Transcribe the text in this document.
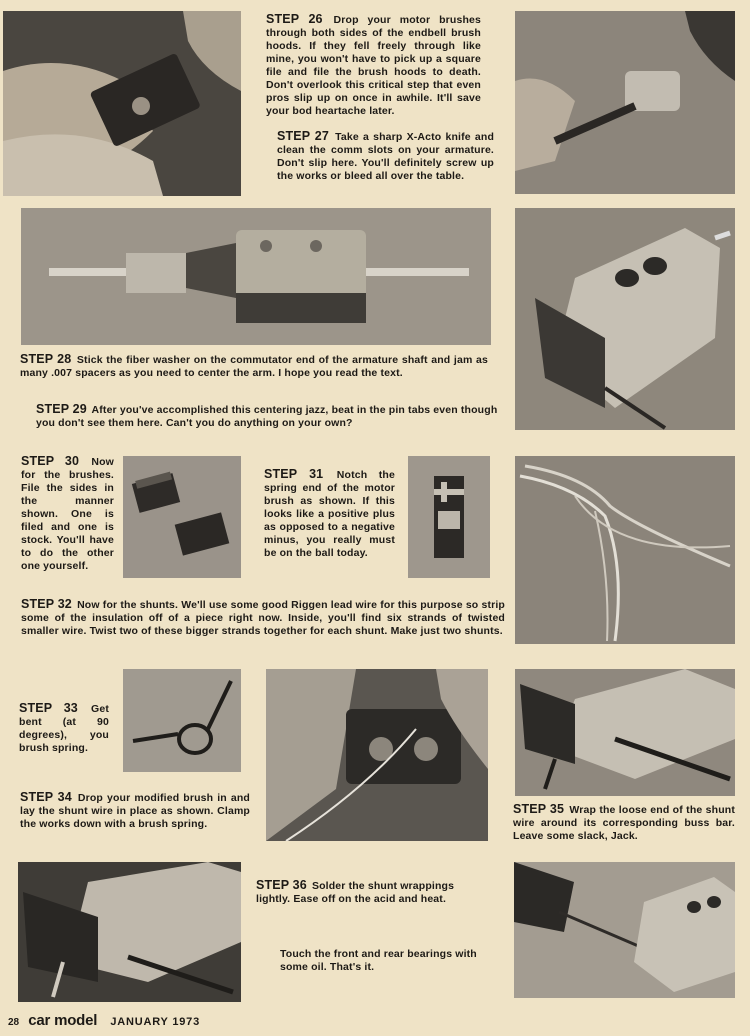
STEP 26 Drop your motor brushes through both sides of the endbell brush hoods. If they fell freely through like mine, you won't have to pick up a square file and file the brush hoods to death. Don't overlook this critical step that even pros slip up on once in awhile. It'll save your bod heartache later.
STEP 27 Take a sharp X-Acto knife and clean the comm slots on your armature. Don't slip here. You'll definitely screw up the works or bleed all over the table.
STEP 28 Stick the fiber washer on the commutator end of the armature shaft and jam as many .007 spacers as you need to center the arm. I hope you read the text.
STEP 29 After you've accomplished this centering jazz, beat in the pin tabs even though you don't see them here. Can't you do anything on your own?
STEP 30 Now for the brushes. File the sides in the manner shown. One is filed and one is stock. You'll have to do the other one yourself.
STEP 31 Notch the spring end of the motor brush as shown. If this looks like a positive plus as opposed to a negative minus, you really must be on the ball today.
STEP 32 Now for the shunts. We'll use some good Riggen lead wire for this purpose so strip some of the insulation off of a piece right now. Inside, you'll find six strands of twisted smaller wire. Twist two of these bigger strands together for each shunt. Make just two shunts.
STEP 33 Get bent (at 90 degrees), you brush spring.
STEP 34 Drop your modified brush in and lay the shunt wire in place as shown. Clamp the works down with a brush spring.
STEP 35 Wrap the loose end of the shunt wire around its corresponding buss bar. Leave some slack, Jack.
STEP 36 Solder the shunt wrappings lightly. Ease off on the acid and heat.
Touch the front and rear bearings with some oil. That's it.
28 car model JANUARY 1973
